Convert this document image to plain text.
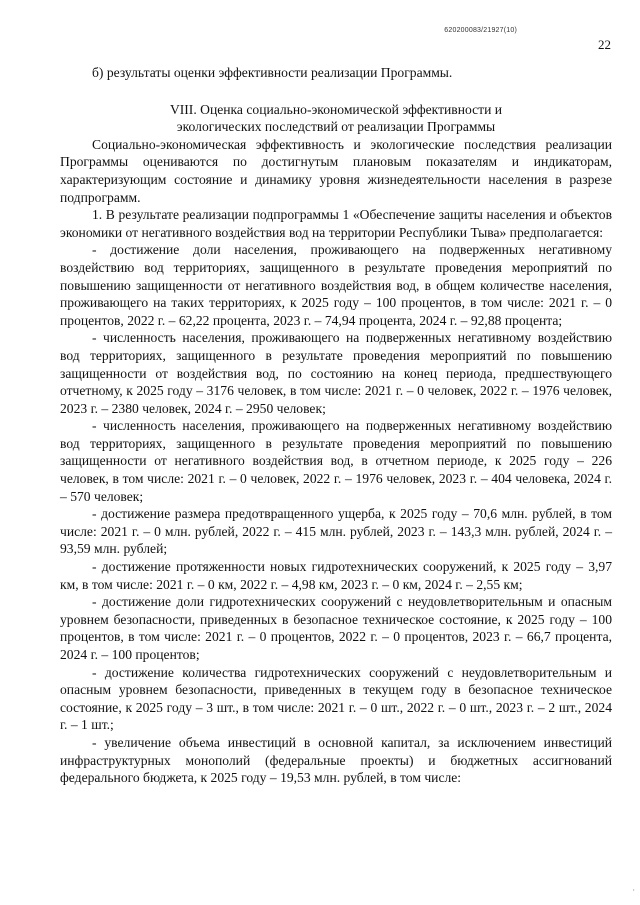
620200083/21927(10)
22

б) результаты оценки эффективности реализации Программы.

VIII. Оценка социально-экономической эффективности и
экологических последствий от реализации Программы

Социально-экономическая эффективность и экологические последствия реализации Программы оцениваются по достигнутым плановым показателям и индикаторам, характеризующим состояние и динамику уровня жизнедеятельности населения в разрезе подпрограмм.

1. В результате реализации подпрограммы 1 «Обеспечение защиты населения и объектов экономики от негативного воздействия вод на территории Республики Тыва» предполагается:

- достижение доли населения, проживающего на подверженных негативному воздействию вод территориях, защищенного в результате проведения мероприятий по повышению защищенности от негативного воздействия вод, в общем количестве населения, проживающего на таких территориях, к 2025 году – 100 процентов, в том числе: 2021 г. – 0 процентов, 2022 г. – 62,22 процента, 2023 г. – 74,94 процента, 2024 г. – 92,88 процента;

- численность населения, проживающего на подверженных негативному воздействию вод территориях, защищенного в результате проведения мероприятий по повышению защищенности от воздействия вод, по состоянию на конец периода, предшествующего отчетному, к 2025 году – 3176 человек, в том числе: 2021 г. – 0 человек, 2022 г. – 1976 человек, 2023 г. – 2380 человек, 2024 г. – 2950 человек;

- численность населения, проживающего на подверженных негативному воздействию вод территориях, защищенного в результате проведения мероприятий по повышению защищенности от негативного воздействия вод, в отчетном периоде, к 2025 году – 226 человек, в том числе: 2021 г. – 0 человек, 2022 г. – 1976 человек, 2023 г. – 404 человека, 2024 г. – 570 человек;

- достижение размера предотвращенного ущерба, к 2025 году – 70,6 млн. рублей, в том числе: 2021 г. – 0 млн. рублей, 2022 г. – 415 млн. рублей, 2023 г. – 143,3 млн. рублей, 2024 г. – 93,59 млн. рублей;

- достижение протяженности новых гидротехнических сооружений, к 2025 году – 3,97 км, в том числе: 2021 г. – 0 км, 2022 г. – 4,98 км, 2023 г. – 0 км, 2024 г. – 2,55 км;

- достижение доли гидротехнических сооружений с неудовлетворительным и опасным уровнем безопасности, приведенных в безопасное техническое состояние, к 2025 году – 100 процентов, в том числе: 2021 г. – 0 процентов, 2022 г. – 0 процентов, 2023 г. – 66,7 процента, 2024 г. – 100 процентов;

- достижение количества гидротехнических сооружений с неудовлетворительным и опасным уровнем безопасности, приведенных в текущем году в безопасное техническое состояние, к 2025 году – 3 шт., в том числе: 2021 г. – 0 шт., 2022 г. – 0 шт., 2023 г. – 2 шт., 2024 г. – 1 шт.;

- увеличение объема инвестиций в основной капитал, за исключением инвестиций инфраструктурных монополий (федеральные проекты) и бюджетных ассигнований федерального бюджета, к 2025 году – 19,53 млн. рублей, в том числе:

·
